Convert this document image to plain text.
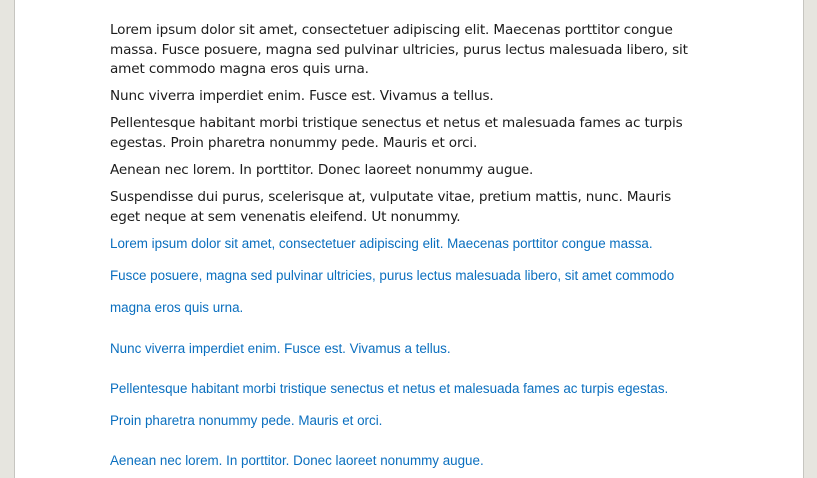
Lorem ipsum dolor sit amet, consectetuer adipiscing elit. Maecenas porttitor congue
massa. Fusce posuere, magna sed pulvinar ultricies, purus lectus malesuada libero, sit
amet commodo magna eros quis urna.

Nunc viverra imperdiet enim. Fusce est. Vivamus a tellus.

Pellentesque habitant morbi tristique senectus et netus et malesuada fames ac turpis
egestas. Proin pharetra nonummy pede. Mauris et orci.

Aenean nec lorem. In porttitor. Donec laoreet nonummy augue.

Suspendisse dui purus, scelerisque at, vulputate vitae, pretium mattis, nunc. Mauris
eget neque at sem venenatis eleifend. Ut nonummy.

Lorem ipsum dolor sit amet, consectetuer adipiscing elit. Maecenas porttitor congue massa.
Fusce posuere, magna sed pulvinar ultricies, purus lectus malesuada libero, sit amet commodo
magna eros quis urna.
Nunc viverra imperdiet enim. Fusce est. Vivamus a tellus.
Pellentesque habitant morbi tristique senectus et netus et malesuada fames ac turpis egestas.
Proin pharetra nonummy pede. Mauris et orci.
Aenean nec lorem. In porttitor. Donec laoreet nonummy augue.
